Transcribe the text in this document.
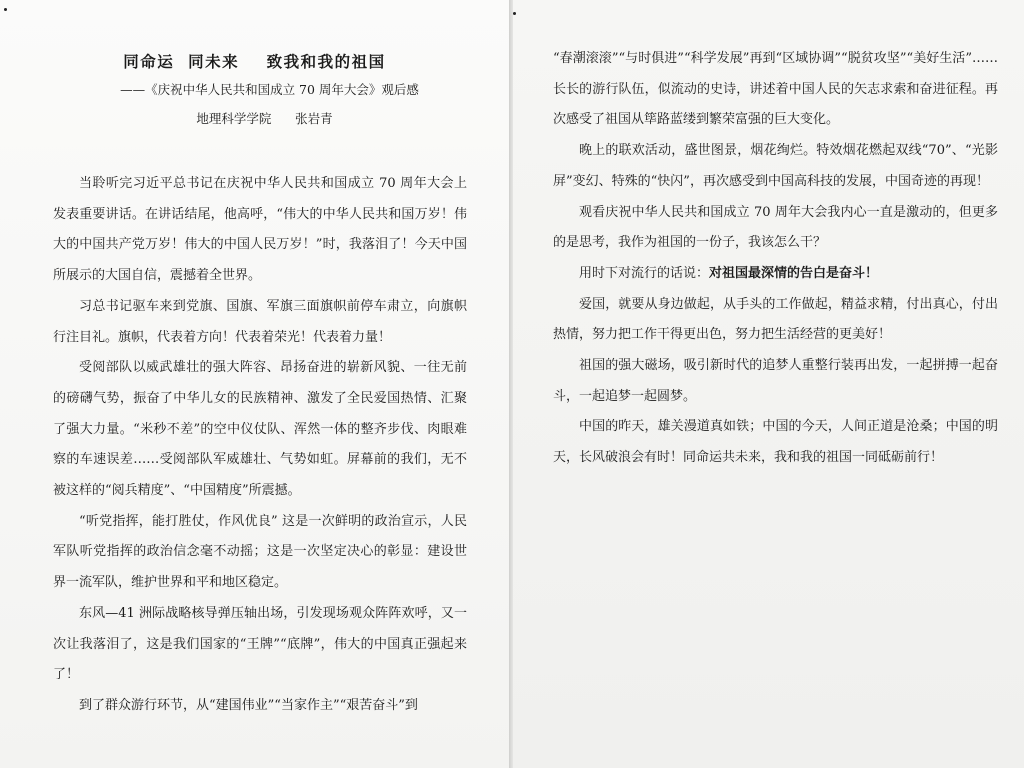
同命运  同未来    致我和我的祖国
——《庆祝中华人民共和国成立 70 周年大会》观后感
地理科学学院      张岩青

当聆听完习近平总书记在庆祝中华人民共和国成立 70 周年大会上发表重要讲话。在讲话结尾，他高呼，“伟大的中华人民共和国万岁！伟大的中国共产党万岁！伟大的中国人民万岁！”时，我落泪了！今天中国所展示的大国自信，震撼着全世界。

习总书记驱车来到党旗、国旗、军旗三面旗帜前停车肃立，向旗帜行注目礼。旗帜，代表着方向！代表着荣光！代表着力量！

受阅部队以威武雄壮的强大阵容、昂扬奋进的崭新风貌、一往无前的磅礴气势，振奋了中华儿女的民族精神、激发了全民爱国热情、汇聚了强大力量。“米秒不差”的空中仪仗队、浑然一体的整齐步伐、肉眼难察的车速误差……受阅部队军威雄壮、气势如虹。屏幕前的我们，无不被这样的“阅兵精度”、“中国精度”所震撼。

“听党指挥，能打胜仗，作风优良” 这是一次鲜明的政治宣示，人民军队听党指挥的政治信念毫不动摇；这是一次坚定决心的彰显：建设世界一流军队，维护世界和平和地区稳定。

东风—41 洲际战略核导弹压轴出场，引发现场观众阵阵欢呼，又一次让我落泪了，这是我们国家的“王牌”“底牌”，伟大的中国真正强起来了！

到了群众游行环节，从“建国伟业”“当家作主”“艰苦奋斗”到

“春潮滚滚”“与时俱进”“科学发展”再到“区域协调”“脱贫攻坚”“美好生活”……长长的游行队伍，似流动的史诗，讲述着中国人民的矢志求索和奋进征程。再次感受了祖国从筚路蓝缕到繁荣富强的巨大变化。

晚上的联欢活动，盛世图景，烟花绚烂。特效烟花燃起双线“70”、“光影屏”变幻、特殊的“快闪”，再次感受到中国高科技的发展，中国奇迹的再现！

观看庆祝中华人民共和国成立 70 周年大会我内心一直是激动的，但更多的是思考，我作为祖国的一份子，我该怎么干？

用时下对流行的话说：对祖国最深情的告白是奋斗！

爱国，就要从身边做起，从手头的工作做起，精益求精，付出真心，付出热情，努力把工作干得更出色，努力把生活经营的更美好！

祖国的强大磁场，吸引新时代的追梦人重整行装再出发，一起拼搏一起奋斗，一起追梦一起圆梦。

中国的昨天，雄关漫道真如铁；中国的今天，人间正道是沧桑；中国的明天，长风破浪会有时！同命运共未来，我和我的祖国一同砥砺前行！
